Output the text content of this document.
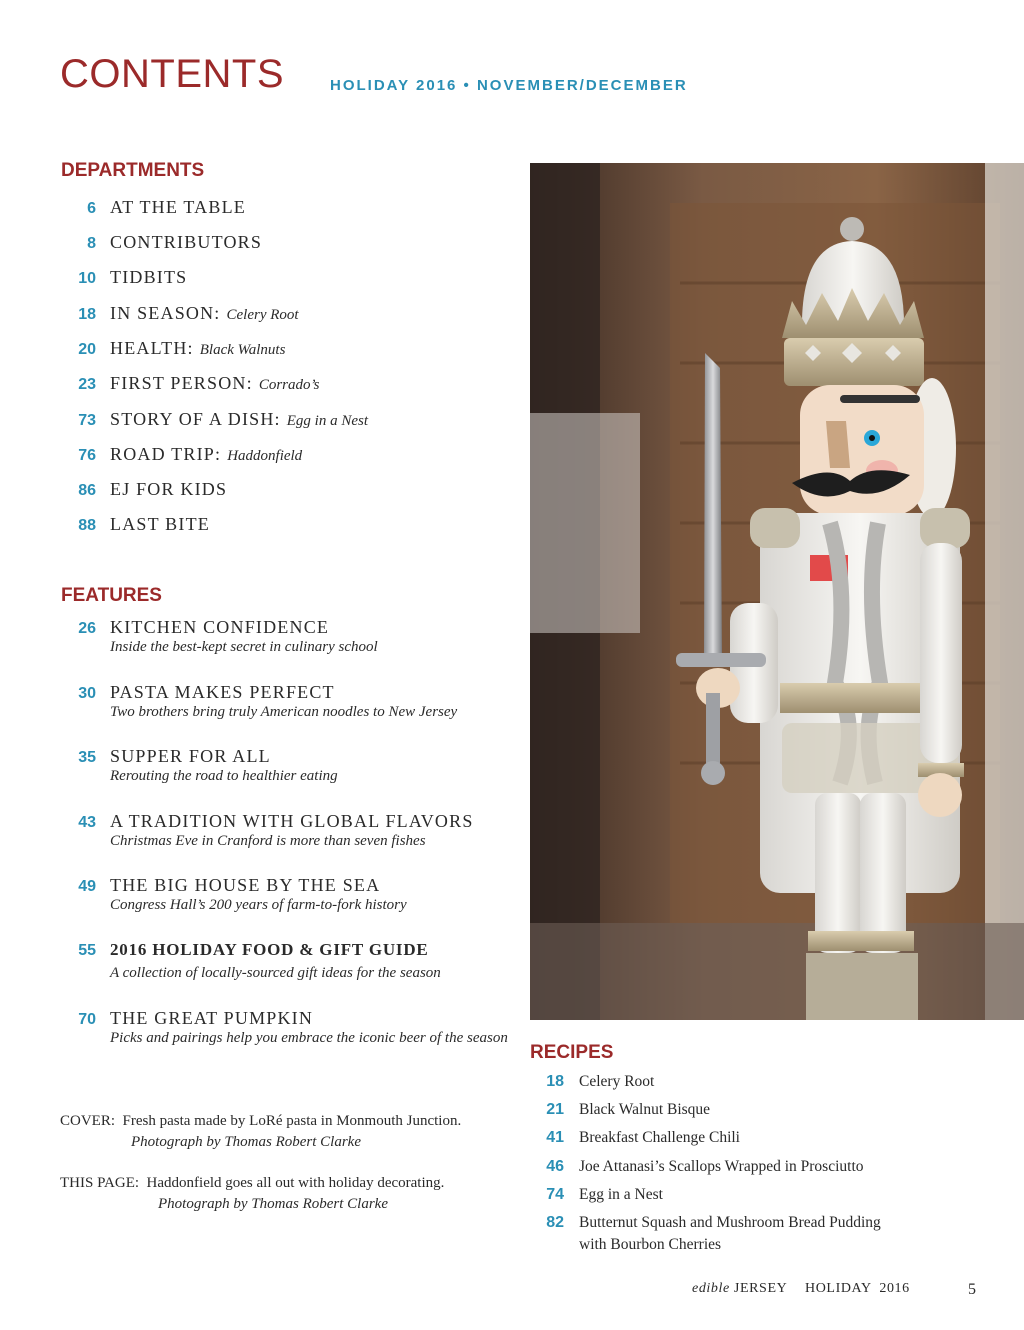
CONTENTS	HOLIDAY 2016 • NOVEMBER/DECEMBER
DEPARTMENTS
6 AT THE TABLE
8 CONTRIBUTORS
10 TIDBITS
18 IN SEASON: Celery Root
20 HEALTH: Black Walnuts
23 FIRST PERSON: Corrado’s
73 STORY OF A DISH: Egg in a Nest
76 ROAD TRIP: Haddonfield
86 EJ FOR KIDS
88 LAST BITE
FEATURES
26 KITCHEN CONFIDENCE
Inside the best-kept secret in culinary school
30 PASTA MAKES PERFECT
Two brothers bring truly American noodles to New Jersey
35 SUPPER FOR ALL
Rerouting the road to healthier eating
43 A TRADITION WITH GLOBAL FLAVORS
Christmas Eve in Cranford is more than seven fishes
49 THE BIG HOUSE BY THE SEA
Congress Hall’s 200 years of farm-to-fork history
55 2016 HOLIDAY FOOD & GIFT GUIDE
A collection of locally-sourced gift ideas for the season
70 THE GREAT PUMPKIN
Picks and pairings help you embrace the iconic beer of the season
COVER: Fresh pasta made by LoRé pasta in Monmouth Junction.
Photograph by Thomas Robert Clarke
THIS PAGE: Haddonfield goes all out with holiday decorating.
Photograph by Thomas Robert Clarke
RECIPES
18 Celery Root
21 Black Walnut Bisque
41 Breakfast Challenge Chili
46 Joe Attanasi’s Scallops Wrapped in Prosciutto
74 Egg in a Nest
82 Butternut Squash and Mushroom Bread Pudding
with Bourbon Cherries
edible JERSEY HOLIDAY  2016	5
